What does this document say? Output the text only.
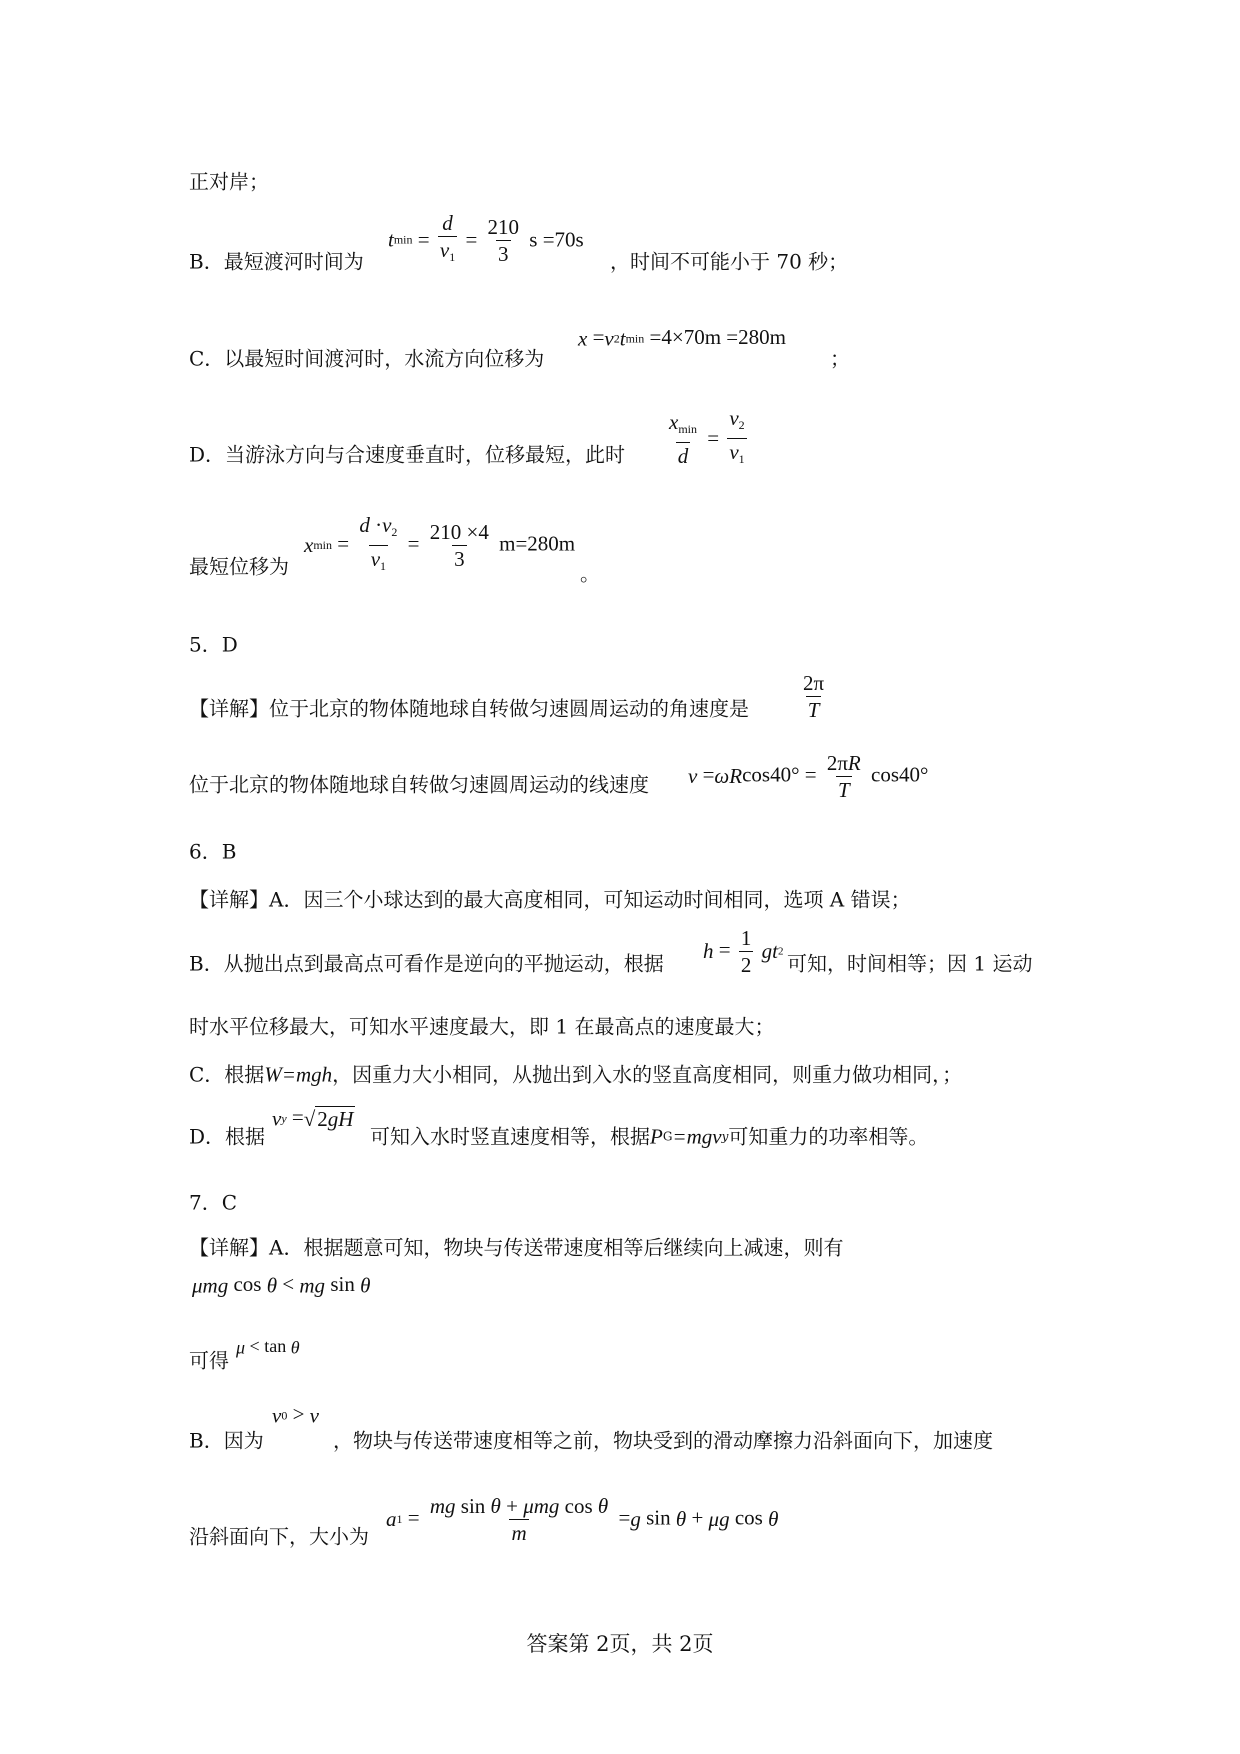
正对岸；
B．最短渡河时间为
$tmin = \frac{d}{v_1} = \frac{210}{3}$ s =70s
，时间不可能小于 70 秒；
C．以最短时间渡河时，水流方向位移为
x =v2tmin =4×70m =280m
；
D．当游泳方向与合速度垂直时，位移最短，此时 $\frac{x_{min}}{d} = \frac{v_2}{v_1}$
最短位移为
$xmin = \frac{d \cdot v_2}{v_1} = \frac{210 \times 4}{3} m=280m$
。
5．D
【详解】位于北京的物体随地球自转做匀速圆周运动的角速度是 $\frac{2\pi}{T}$
位于北京的物体随地球自转做匀速圆周运动的线速度 $v =\omega Rcos40^\circ = \frac{2\pi R}{T} \cos 40^\circ$
6．B
【详解】A．因三个小球达到的最大高度相同，可知运动时间相同，选项 A 错误；
B．从抛出点到最高点可看作是逆向的平抛运动，根据
$h = \frac{1}{2} gt2$ 可知，时间相等；因 1 运动
时水平位移最大，可知水平速度最大，即 1 在最高点的速度最大；
C．根据W=mgh，因重力大小相同，从抛出到入水的竖直高度相同，则重力做功相同，；
D．根据
vy =√2gH
可知入水时竖直速度相等，根据PG=mgvy可知重力的功率相等。
7．C
【详解】A．根据题意可知，物块与传送带速度相等后继续向上减速，则有
μmg cos θ < mg sin θ
可得
μ < tan θ
B．因为
v0 > v
，物块与传送带速度相等之前，物块受到的滑动摩擦力沿斜面向下，加速度
沿斜面向下，大小为
$a1 = \frac{\text{mg sin θ + μmg cos θ}}{m} =g$ sin θ + μg cos θ
答案第 2页，共 2页
